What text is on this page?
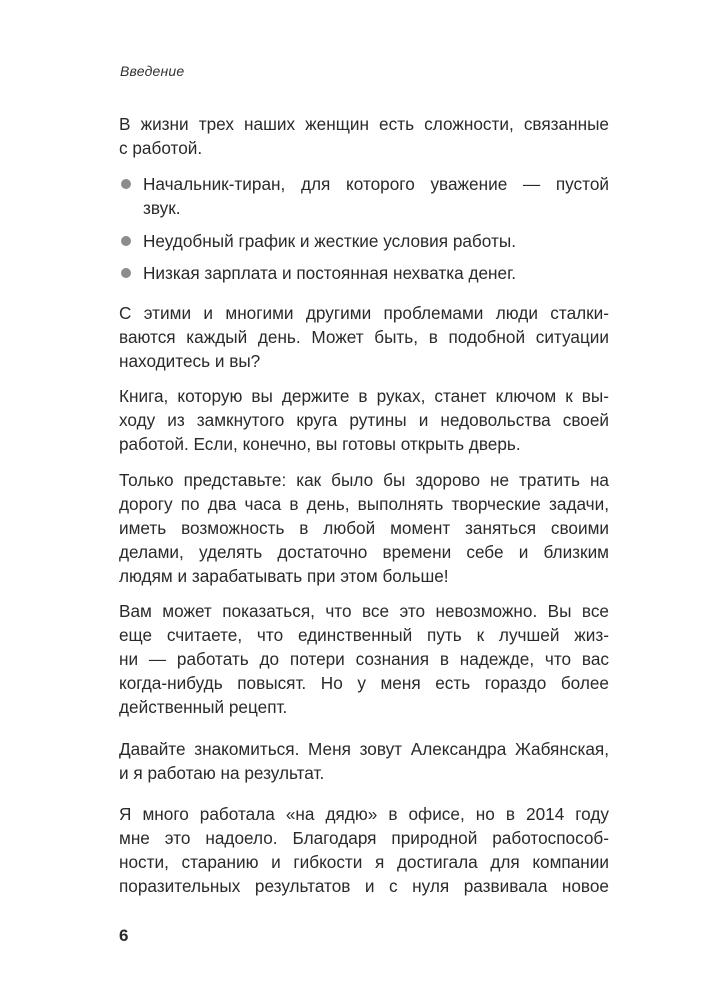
Введение
В жизни трех наших женщин есть сложности, связанные
с работой.
Начальник-тиран, для которого уважение — пустой
звук.
Неудобный график и жесткие условия работы.
Низкая зарплата и постоянная нехватка денег.
С этими и многими другими проблемами люди сталки-
ваются каждый день. Может быть, в подобной ситуации
находитесь и вы?
Книга, которую вы держите в руках, станет ключом к вы-
ходу из замкнутого круга рутины и недовольства своей
работой. Если, конечно, вы готовы открыть дверь.
Только представьте: как было бы здорово не тратить на
дорогу по два часа в день, выполнять творческие задачи,
иметь возможность в любой момент заняться своими
делами, уделять достаточно времени себе и близким
людям и зарабатывать при этом больше!
Вам может показаться, что все это невозможно. Вы все
еще считаете, что единственный путь к лучшей жиз-
ни — работать до потери сознания в надежде, что вас
когда-нибудь повысят. Но у меня есть гораздо более
действенный рецепт.
Давайте знакомиться. Меня зовут Александра Жабянская,
и я работаю на результат.
Я много работала «на дядю» в офисе, но в 2014 году
мне это надоело. Благодаря природной работоспособ-
ности, старанию и гибкости я достигала для компании
поразительных результатов и с нуля развивала новое
6
